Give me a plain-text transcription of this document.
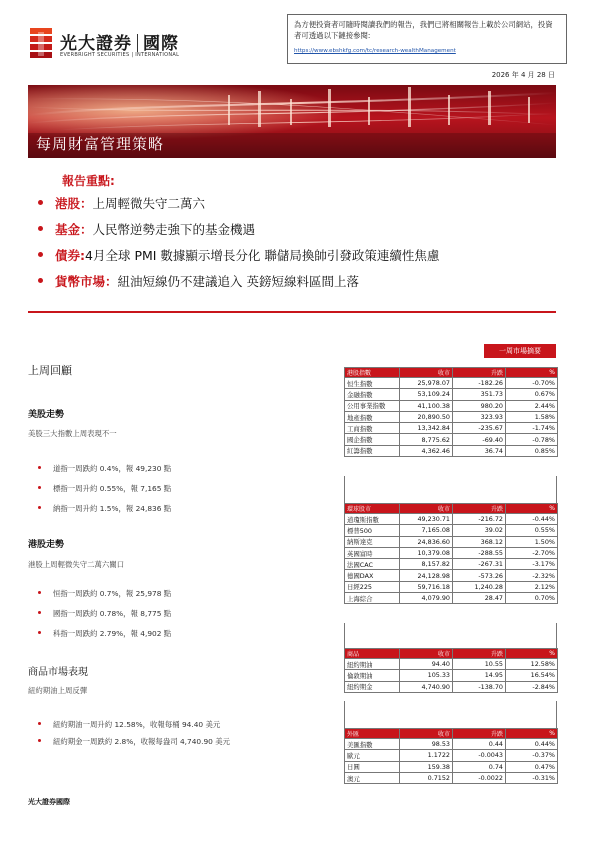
光大證券 國際
EVERBRIGHT SECURITIES | INTERNATIONAL
為方便投資者可隨時閱讀我們的報告，我們已將相關報告上載於公司網站，投資者可透過以下鏈接參閱:
https://www.ebshkfg.com/tc/research-wealthManagement
2026 年 4 月 28 日
每周財富管理策略
報告重點:
港股：上周輕微失守二萬六
基金：人民幣逆勢走強下的基金機遇
債券:4月全球 PMI 數據顯示增長分化 聯儲局換帥引發政策連續性焦慮
貨幣市場：紐油短線仍不建議追入 英鎊短線料區間上落
上周回顧
美股走勢
美股三大指數上周表現不一
道指一周跌約 0.4%，報 49,230 點
標指一周升約 0.55%，報 7,165 點
納指一周升約 1.5%，報 24,836 點
港股走勢
港股上周輕微失守二萬六關口
恒指一周跌約 0.7%，報 25,978 點
國指一周跌約 0.78%，報 8,775 點
科指一周跌約 2.79%，報 4,902 點
商品市場表現
紐約期油上周反彈
紐約期油一周升約 12.58%，收報每桶 94.40 美元
紐約期金一周跌約 2.8%，收報每盎司 4,740.90 美元
光大證券國際
一周市場摘要
港股指數	收市	升跌	%
恒生指數	25,978.07	-182.26	-0.70%
金融指數	53,109.24	351.73	0.67%
公用事業指數	41,100.38	980.20	2.44%
地產指數	20,890.50	323.93	1.58%
工商指數	13,342.84	-235.67	-1.74%
國企指數	8,775.62	-69.40	-0.78%
紅籌指數	4,362.46	36.74	0.85%
環球股市	收市	升跌	%
道瓊斯指數	49,230.71	-216.72	-0.44%
標普500	7,165.08	39.02	0.55%
納斯達克	24,836.60	368.12	1.50%
英國富時	10,379.08	-288.55	-2.70%
法國CAC	8,157.82	-267.31	-3.17%
德國DAX	24,128.98	-573.26	-2.32%
日經225	59,716.18	1,240.28	2.12%
上海綜合	4,079.90	28.47	0.70%
商品	收市	升跌	%
紐約期油	94.40	10.55	12.58%
倫敦期油	105.33	14.95	16.54%
紐約期金	4,740.90	-138.70	-2.84%
外匯	收市	升跌	%
美匯指數	98.53	0.44	0.44%
歐元	1.1722	-0.0043	-0.37%
日圓	159.38	0.74	0.47%
澳元	0.7152	-0.0022	-0.31%
